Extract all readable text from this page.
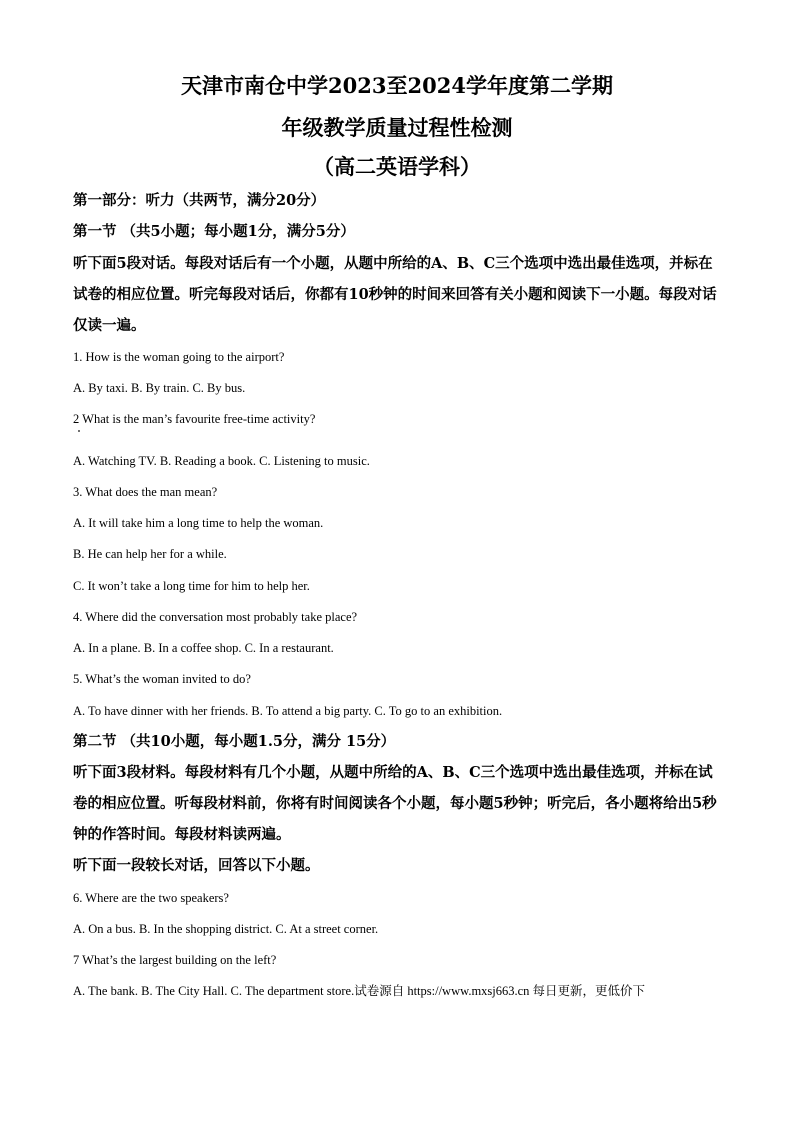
天津市南仓中学2023至2024学年度第二学期
年级教学质量过程性检测
（高二英语学科）

第一部分：听力（共两节，满分20分）

第一节 （共5小题；每小题1分，满分5分）

听下面5段对话。每段对话后有一个小题，从题中所给的A、B、C三个选项中选出最佳选项，并标在试卷的相应位置。听完每段对话后，你都有10秒钟的时间来回答有关小题和阅读下一小题。每段对话仅读一遍。

1. How is the woman going to the airport?

A. By taxi. B. By train. C. By bus.

2 What is the man’s favourite free-time activity?

A. Watching TV. B. Reading a book. C. Listening to music.

3. What does the man mean?

A. It will take him a long time to help the woman.

B. He can help her for a while.

C. It won’t take a long time for him to help her.

4. Where did the conversation most probably take place?

A. In a plane. B. In a coffee shop. C. In a restaurant.

5. What’s the woman invited to do?

A. To have dinner with her friends. B. To attend a big party. C. To go to an exhibition.

第二节 （共10小题，每小题1.5分，满分 15分）

听下面3段材料。每段材料有几个小题，从题中所给的A、B、C三个选项中选出最佳选项，并标在试卷的相应位置。听每段材料前，你将有时间阅读各个小题，每小题5秒钟；听完后，各小题将给出5秒钟的作答时间。每段材料读两遍。

听下面一段较长对话，回答以下小题。

6. Where are the two speakers?

A. On a bus. B. In the shopping district. C. At a street corner.

7 What’s the largest building on the left?

A. The bank. B. The City Hall. C. The department store.试卷源自 https://www.mxsj663.cn 每日更新，更低价下
